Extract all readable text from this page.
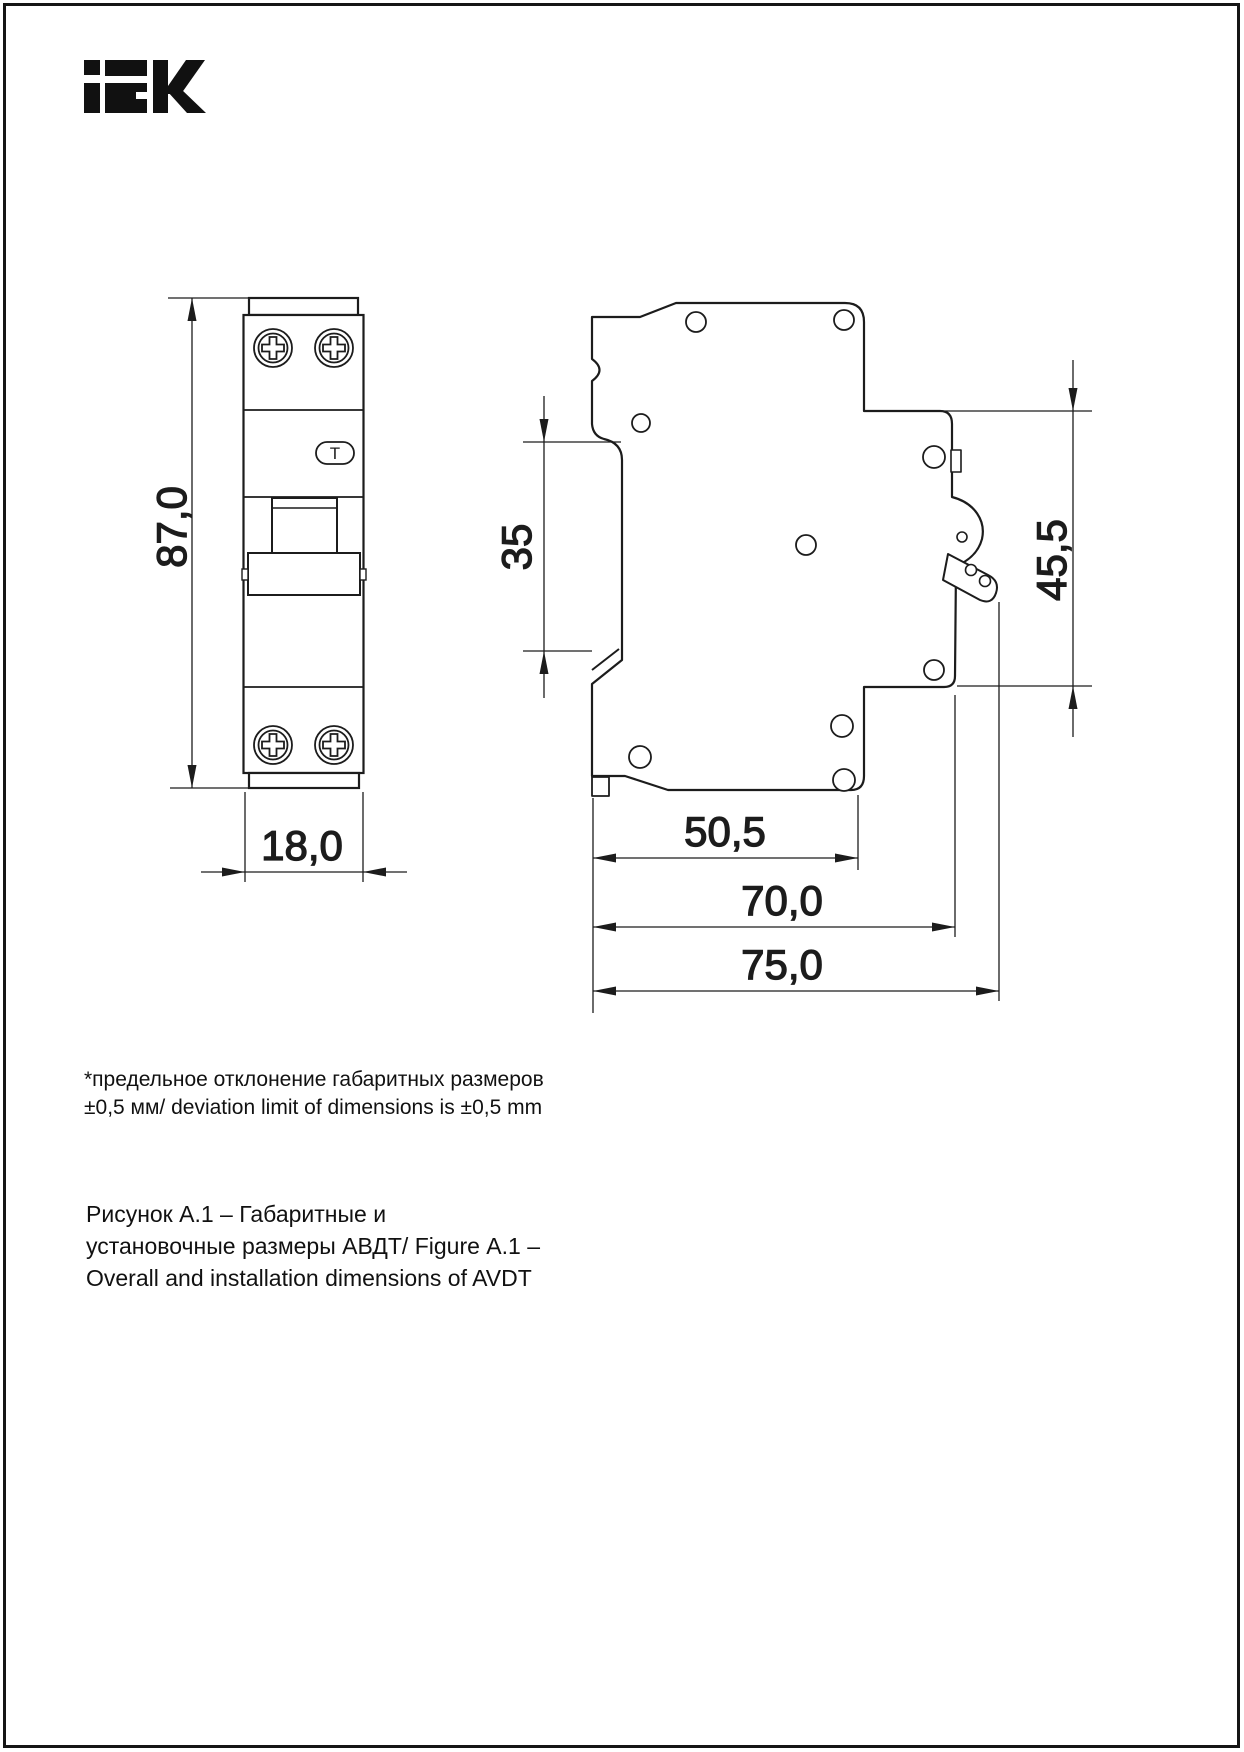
Т
87,0
18,0
35	45,5
50,5
70,0
75,0
*предельное отклонение габаритных размеров
±0,5 мм/ deviation limit of dimensions is ±0,5 mm
Рисунок А.1 – Габаритные и
установочные размеры АВДТ/ Figure А.1 –
Overall and installation dimensions of AVDT
